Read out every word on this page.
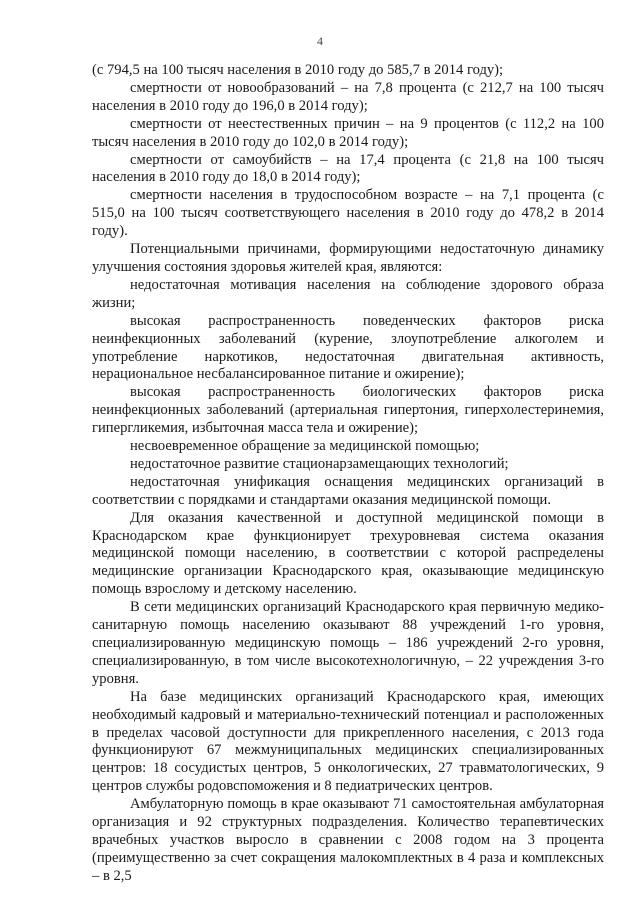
4

(с 794,5 на 100 тысяч населения в 2010 году до 585,7 в 2014 году);

смертности от новообразований – на 7,8 процента (с 212,7 на 100 тысяч населения в 2010 году до 196,0 в 2014 году);

смертности от неестественных причин – на 9 процентов (с 112,2 на 100 тысяч населения в 2010 году до 102,0 в 2014 году);

смертности от самоубийств – на 17,4 процента (с 21,8 на 100 тысяч населения в 2010 году до 18,0 в 2014 году);

смертности населения в трудоспособном возрасте – на 7,1 процента (с 515,0 на 100 тысяч соответствующего населения в 2010 году до 478,2 в 2014 году).

Потенциальными причинами, формирующими недостаточную динамику улучшения состояния здоровья жителей края, являются:

недостаточная мотивация населения на соблюдение здорового образа жизни;

высокая распространенность поведенческих факторов риска неинфекционных заболеваний (курение, злоупотребление алкоголем и употребление наркотиков, недостаточная двигательная активность, нерациональное несбалансированное питание и ожирение);

высокая распространенность биологических факторов риска неинфекционных заболеваний (артериальная гипертония, гиперхолестеринемия, гипергликемия, избыточная масса тела и ожирение);

несвоевременное обращение за медицинской помощью;

недостаточное развитие стационарзамещающих технологий;

недостаточная унификация оснащения медицинских организаций в соответствии с порядками и стандартами оказания медицинской помощи.

Для оказания качественной и доступной медицинской помощи в Краснодарском крае функционирует трехуровневая система оказания медицинской помощи населению, в соответствии с которой распределены медицинские организации Краснодарского края, оказывающие медицинскую помощь взрослому и детскому населению.

В сети медицинских организаций Краснодарского края первичную медико-санитарную помощь населению оказывают 88 учреждений 1-го уровня, специализированную медицинскую помощь – 186 учреждений 2-го уровня, специализированную, в том числе высокотехнологичную, – 22 учреждения 3-го уровня.

На базе медицинских организаций Краснодарского края, имеющих необходимый кадровый и материально-технический потенциал и расположенных в пределах часовой доступности для прикрепленного населения, с 2013 года функционируют 67 межмуниципальных медицинских специализированных центров: 18 сосудистых центров, 5 онкологических, 27 травматологических, 9 центров службы родовспоможения и 8 педиатрических центров.

Амбулаторную помощь в крае оказывают 71 самостоятельная амбулаторная организация и 92 структурных подразделения. Количество терапевтических врачебных участков выросло в сравнении с 2008 годом на 3 процента (преимущественно за счет сокращения малокомплектных в 4 раза и комплексных – в 2,5
